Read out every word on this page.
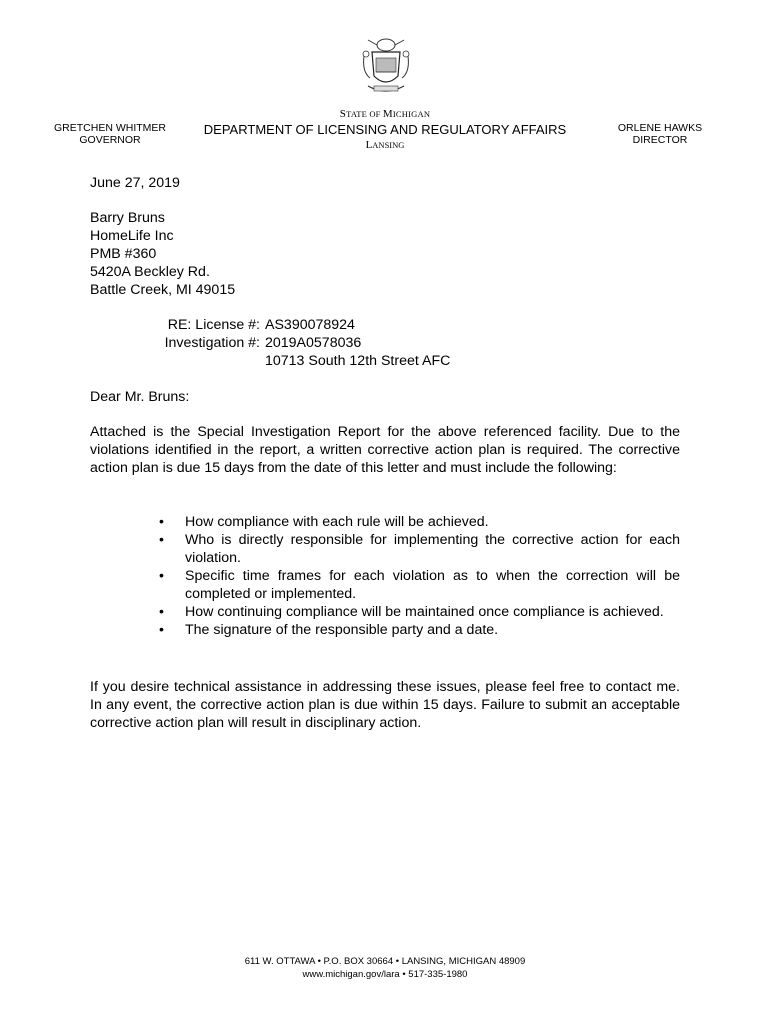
GRETCHEN WHITMER
GOVERNOR
STATE OF MICHIGAN
DEPARTMENT OF LICENSING AND REGULATORY AFFAIRS
LANSING
ORLENE HAWKS
DIRECTOR
June 27, 2019
Barry Bruns
HomeLife Inc
PMB #360
5420A Beckley Rd.
Battle Creek, MI 49015
RE: License #: AS390078924
Investigation #: 2019A0578036
10713 South 12th Street AFC
Dear Mr. Bruns:
Attached is the Special Investigation Report for the above referenced facility. Due to the violations identified in the report, a written corrective action plan is required. The corrective action plan is due 15 days from the date of this letter and must include the following:
• How compliance with each rule will be achieved.
• Who is directly responsible for implementing the corrective action for each violation.
• Specific time frames for each violation as to when the correction will be completed or implemented.
• How continuing compliance will be maintained once compliance is achieved.
• The signature of the responsible party and a date.
If you desire technical assistance in addressing these issues, please feel free to contact me. In any event, the corrective action plan is due within 15 days. Failure to submit an acceptable corrective action plan will result in disciplinary action.
611 W. OTTAWA • P.O. BOX 30664 • LANSING, MICHIGAN 48909
www.michigan.gov/lara • 517-335-1980
